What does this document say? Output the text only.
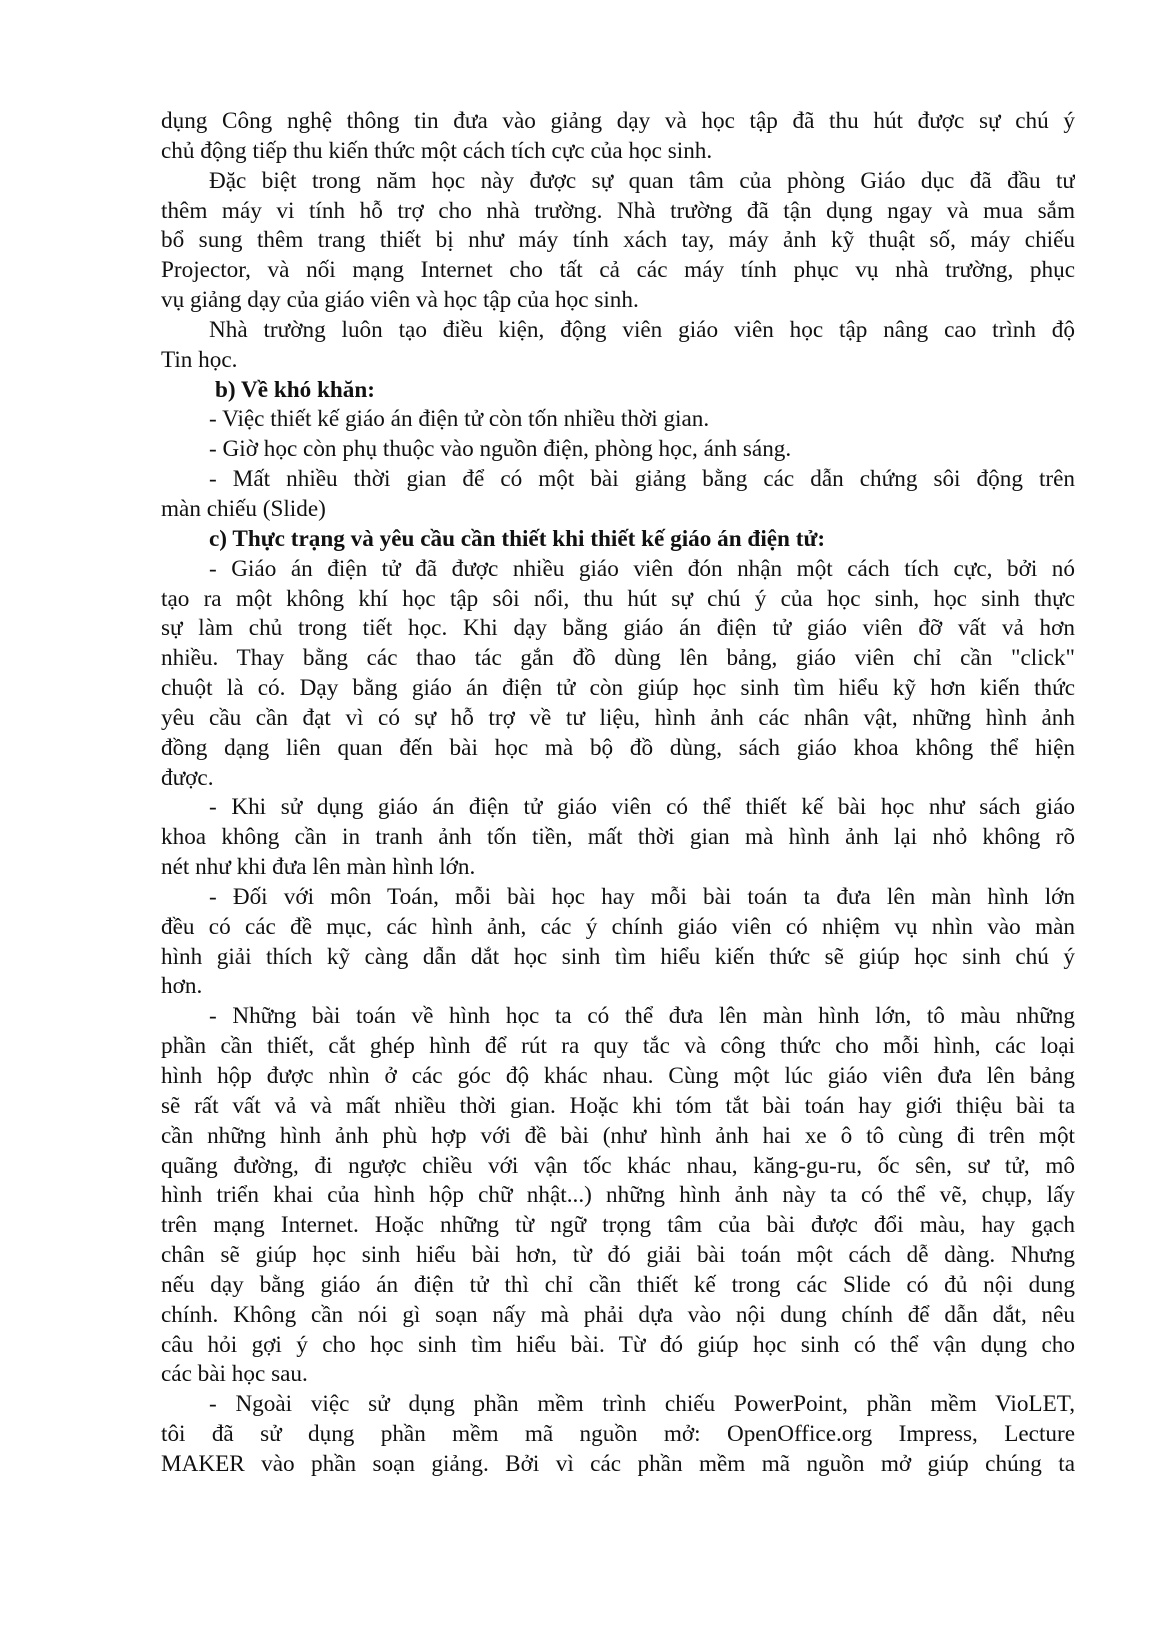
dụng Công nghệ thông tin đưa vào giảng dạy và học tập đã thu hút được sự chú ý
chủ động tiếp thu kiến thức một cách tích cực của học sinh.
Đặc biệt trong năm học này được sự quan tâm của phòng Giáo dục đã đầu tư
thêm máy vi tính hỗ trợ cho nhà trường. Nhà trường đã tận dụng ngay và mua sắm
bổ sung thêm trang thiết bị như máy tính xách tay, máy ảnh kỹ thuật số, máy chiếu
Projector, và nối mạng Internet cho tất cả các máy tính phục vụ nhà trường, phục
vụ giảng dạy của giáo viên và học tập của học sinh.
Nhà trường luôn tạo điều kiện, động viên giáo viên học tập nâng cao trình độ
Tin học.
b) Về khó khăn:
- Việc thiết kế giáo án điện tử còn tốn nhiều thời gian.
- Giờ học còn phụ thuộc vào nguồn điện, phòng học, ánh sáng.
- Mất nhiều thời gian để có một bài giảng bằng các dẫn chứng sôi động trên
màn chiếu (Slide)
c) Thực trạng và yêu cầu cần thiết khi thiết kế giáo án điện tử:
- Giáo án điện tử đã được nhiều giáo viên đón nhận một cách tích cực, bởi nó
tạo ra một không khí học tập sôi nổi, thu hút sự chú ý của học sinh, học sinh thực
sự làm chủ trong tiết học. Khi dạy bằng giáo án điện tử giáo viên đỡ vất vả hơn
nhiều. Thay bằng các thao tác gắn đồ dùng lên bảng, giáo viên chỉ cần "click"
chuột là có. Dạy bằng giáo án điện tử còn giúp học sinh tìm hiểu kỹ hơn kiến thức
yêu cầu cần đạt vì có sự hỗ trợ về tư liệu, hình ảnh các nhân vật, những hình ảnh
đồng dạng liên quan đến bài học mà bộ đồ dùng, sách giáo khoa không thể hiện
được.
- Khi sử dụng giáo án điện tử giáo viên có thể thiết kế bài học như sách giáo
khoa không cần in tranh ảnh tốn tiền, mất thời gian mà hình ảnh lại nhỏ không rõ
nét như khi đưa lên màn hình lớn.
- Đối với môn Toán, mỗi bài học hay mỗi bài toán ta đưa lên màn hình lớn
đều có các đề mục, các hình ảnh, các ý chính giáo viên có nhiệm vụ nhìn vào màn
hình giải thích kỹ càng dẫn dắt học sinh tìm hiểu kiến thức sẽ giúp học sinh chú ý
hơn.
- Những bài toán về hình học ta có thể đưa lên màn hình lớn, tô màu những
phần cần thiết, cắt ghép hình để rút ra quy tắc và công thức cho mỗi hình, các loại
hình hộp được nhìn ở các góc độ khác nhau. Cùng một lúc giáo viên đưa lên bảng
sẽ rất vất vả và mất nhiều thời gian. Hoặc khi tóm tắt bài toán hay giới thiệu bài ta
cần những hình ảnh phù hợp với đề bài (như hình ảnh hai xe ô tô cùng đi trên một
quãng đường, đi ngược chiều với vận tốc khác nhau, kăng-gu-ru, ốc sên, sư tử, mô
hình triển khai của hình hộp chữ nhật...) những hình ảnh này ta có thể vẽ, chụp, lấy
trên mạng Internet. Hoặc những từ ngữ trọng tâm của bài được đổi màu, hay gạch
chân sẽ giúp học sinh hiểu bài hơn, từ đó giải bài toán một cách dễ dàng. Nhưng
nếu dạy bằng giáo án điện tử thì chỉ cần thiết kế trong các Slide có đủ nội dung
chính. Không cần nói gì soạn nấy mà phải dựa vào nội dung chính để dẫn dắt, nêu
câu hỏi gợi ý cho học sinh tìm hiểu bài. Từ đó giúp học sinh có thể vận dụng cho
các bài học sau.
- Ngoài việc sử dụng phần mềm trình chiếu PowerPoint, phần mềm VioLET,
tôi đã sử dụng phần mềm mã nguồn mở: OpenOffice.org Impress, Lecture
MAKER vào phần soạn giảng. Bởi vì các phần mềm mã nguồn mở giúp chúng ta
